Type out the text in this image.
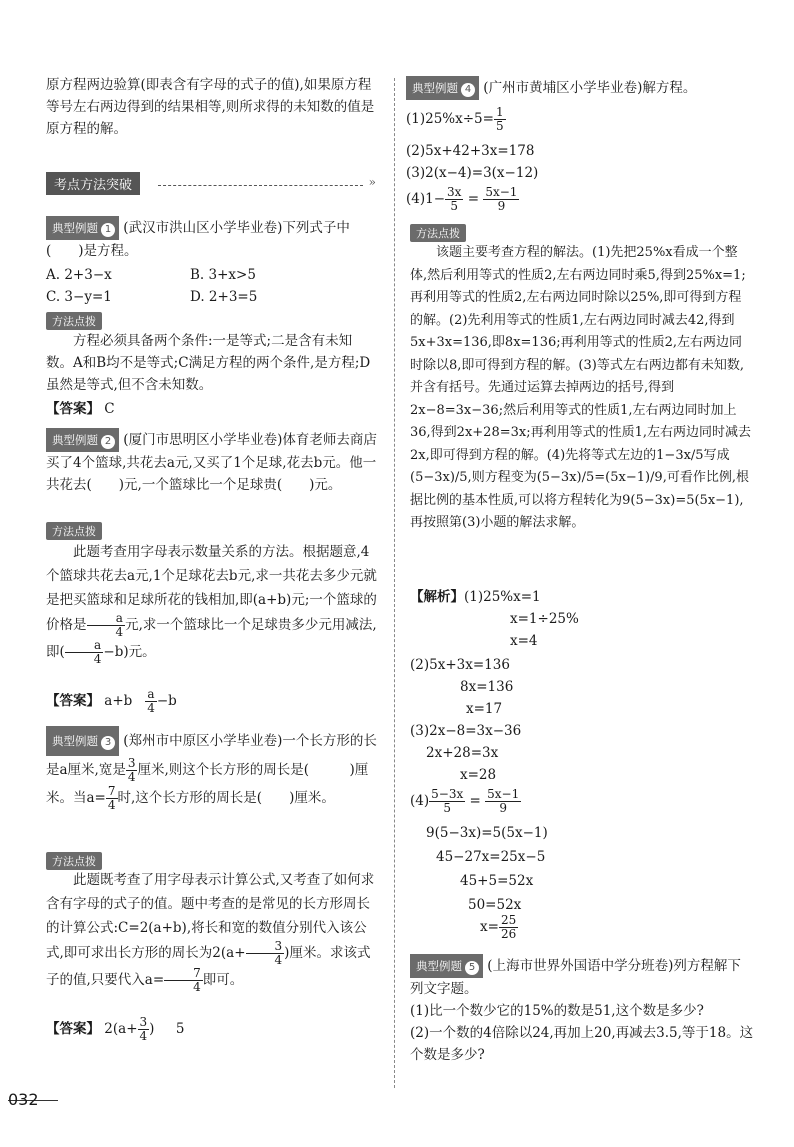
原方程两边验算(即表含有字母的式子的值),如果原方程等号左右两边得到的结果相等,则所求得的未知数的值是原方程的解。
考点方法突破	»
典型例题 1 (武汉市洪山区小学毕业卷)下列式子中(　　)是方程。
A. 2+3−x	B. 3+x>5
C. 3−y=1	D. 2+3=5
方法点拨
方程必须具备两个条件:一是等式;二是含有未知数。A和B均不是等式;C满足方程的两个条件,是方程;D虽然是等式,但不含未知数。
【答案】 C
典型例题 2 (厦门市思明区小学毕业卷)体育老师去商店买了4个篮球,共花去a元,又买了1个足球,花去b元。他一共花去(　　)元,一个篮球比一个足球贵(　　)元。
方法点拨
此题考查用字母表示数量关系的方法。根据题意,4个篮球共花去a元,1个足球花去b元,求一共花去多少元就是把买篮球和足球所花的钱相加,即(a+b)元;一个篮球的价格是 $\frac{a}{4}$ 元,求一个篮球比一个足球贵多少元用减法,即( $\frac{a}{4} -b$)元。
【答案】 $a+b \frac{a}{4} -b$
典型例题 3 (郑州市中原区小学毕业卷)一个长方形的长是a厘米,宽是 $\frac{3}{4}$ 厘米,则这个长方形的周长是(　　　)厘米。当$a= \frac{7}{4}$ 时,这个长方形的周长是(　　)厘米。
方法点拨
此题既考查了用字母表示计算公式,又考查了如何求含有字母的式子的值。题中考查的是常见的长方形周长的计算公式:C=2(a+b),将长和宽的数值分别代入该公式,即可求出长方形的周长为$2(a+ \frac{3}{4}$ )厘米。求该式子的值,只要代入$a= \frac{7}{4}$ 即可。
【答案】 $2(a+ \frac{3}{4}$ ) 5
典型例题 4 (广州市黄埔区小学毕业卷)解方程。
$(1)25\%x\div 5= \frac{1}{5}$
(2)5x+42+3x=178
(3)2(x−4)=3(x−12)
$(4)1- \frac{3x}{5} = \frac{5x-1}{9}$
方法点拨
该题主要考查方程的解法。(1)先把25%x看成一个整体,然后利用等式的性质2,左右两边同时乘5,得到25%x=1;再利用等式的性质2,左右两边同时除以25%,即可得到方程的解。(2)先利用等式的性质1,左右两边同时减去42,得到5x+3x=136,即8x=136;再利用等式的性质2,左右两边同时除以8,即可得到方程的解。(3)等式左右两边都有未知数,并含有括号。先通过运算去掉两边的括号,得到2x−8=3x−36;然后利用等式的性质1,左右两边同时加上36,得到2x+28=3x;再利用等式的性质1,左右两边同时减去2x,即可得到方程的解。(4)先将等式左边的1−3x/5写成(5−3x)/5,则方程变为(5−3x)/5=(5x−1)/9,可看作比例,根据比例的基本性质,可以将方程转化为9(5−3x)=5(5x−1),再按照第(3)小题的解法求解。
【解析】(1)25%x=1
x=1÷25%
x=4
(2)5x+3x=136
8x=136
x=17
(3)2x−8=3x−36
2x+28=3x
x=28
$(4) \frac{5-3x}{5} = \frac{5x-1}{9}$
9(5−3x)=5(5x−1)
45−27x=25x−5
45+5=52x
50=52x
$x= \frac{25}{26}$
典型例题 5 (上海市世界外国语中学分班卷)列方程解下列文字题。
(1)比一个数少它的15%的数是51,这个数是多少?
(2)一个数的4倍除以24,再加上20,再减去3.5,等于18。这个数是多少?
032
